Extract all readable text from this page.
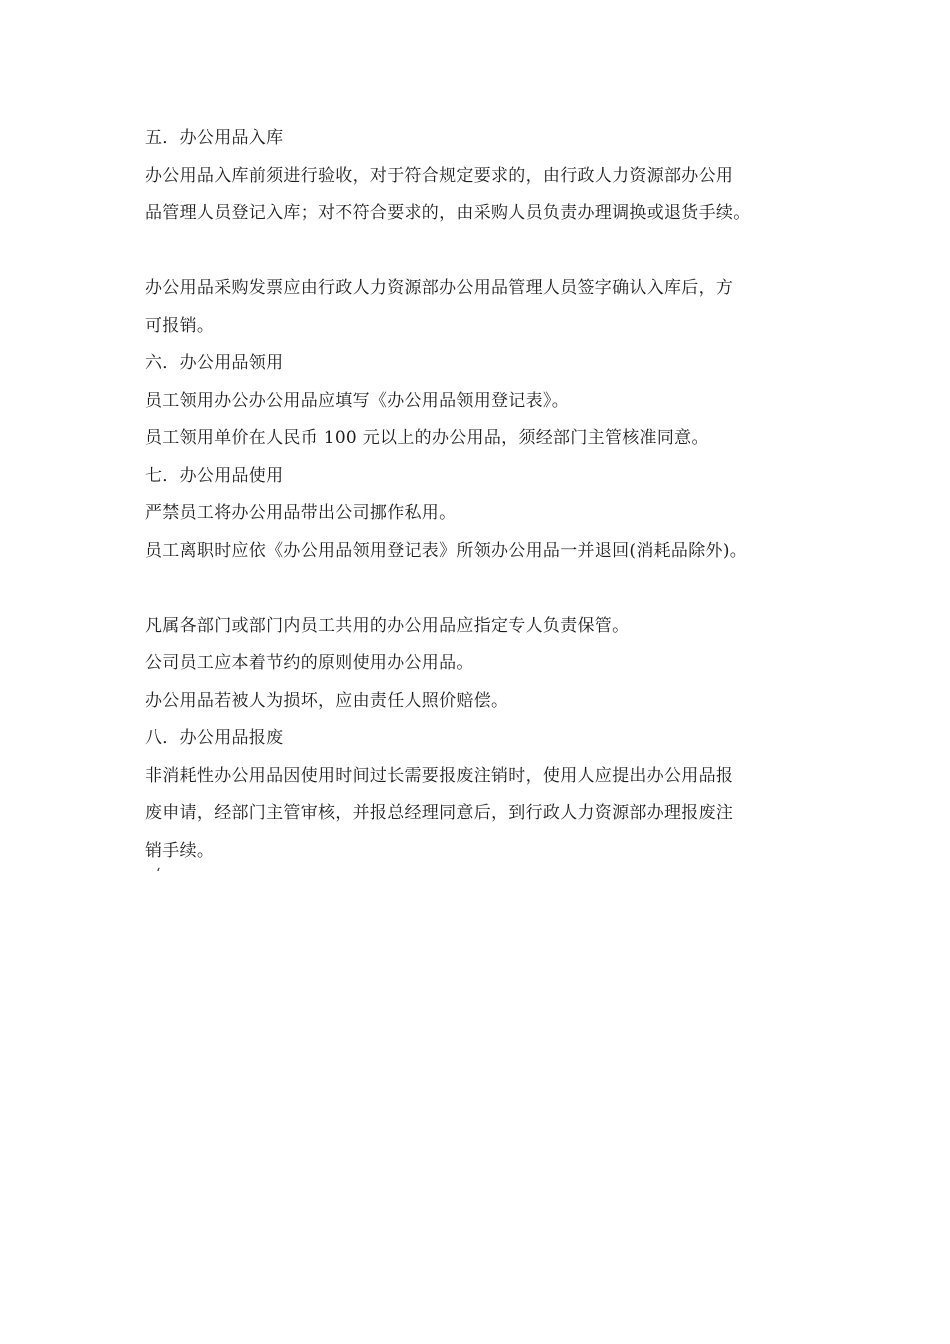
五．办公用品入库
办公用品入库前须进行验收，对于符合规定要求的，由行政人力资源部办公用
品管理人员登记入库；对不符合要求的，由采购人员负责办理调换或退货手续。
办公用品采购发票应由行政人力资源部办公用品管理人员签字确认入库后，方
可报销。
六．办公用品领用
员工领用办公办公用品应填写《办公用品领用登记表》。
员工领用单价在人民币 100 元以上的办公用品，须经部门主管核准同意。
七．办公用品使用
严禁员工将办公用品带出公司挪作私用。
员工离职时应依《办公用品领用登记表》所领办公用品一并退回(消耗品除外)。
凡属各部门或部门内员工共用的办公用品应指定专人负责保管。
公司员工应本着节约的原则使用办公用品。
办公用品若被人为损坏，应由责任人照价赔偿。
八．办公用品报废
非消耗性办公用品因使用时间过长需要报废注销时，使用人应提出办公用品报
废申请，经部门主管审核，并报总经理同意后，到行政人力资源部办理报废注
销手续。
‘
